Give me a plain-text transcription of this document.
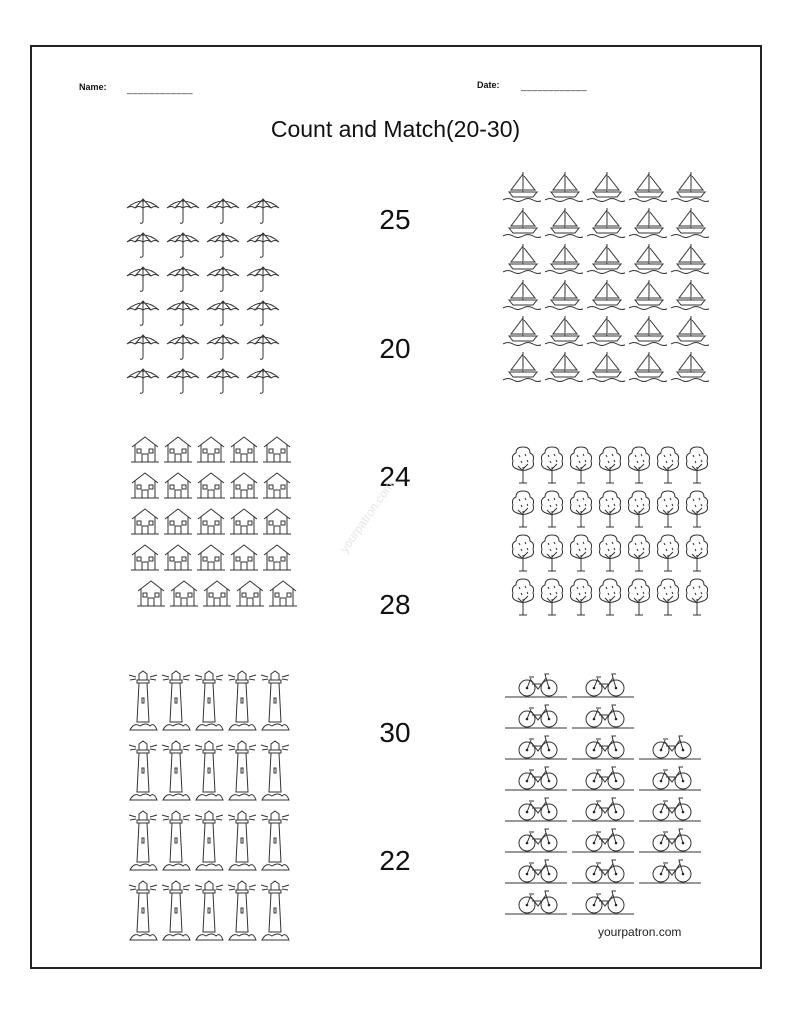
Name: ____________	Date: ____________
Count and Match(20-30)
25
20
24
28
30
22
yourpatron.com
yourpatron.com
